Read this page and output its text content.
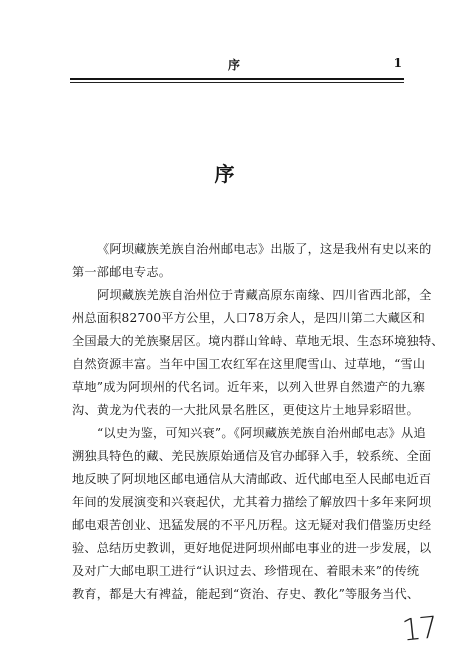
序	1
序
《阿坝藏族羌族自治州邮电志》出版了，这是我州有史以来的
第一部邮电专志。
阿坝藏族羌族自治州位于青藏高原东南缘、四川省西北部，全
州总面积82700平方公里，人口78万余人，是四川第二大藏区和
全国最大的羌族聚居区。境内群山耸峙、草地无垠、生态环境独特、
自然资源丰富。当年中国工农红军在这里爬雪山、过草地，“雪山
草地”成为阿坝州的代名词。近年来，以列入世界自然遗产的九寨
沟、黄龙为代表的一大批风景名胜区，更使这片土地异彩昭世。
“以史为鉴，可知兴衰”。《阿坝藏族羌族自治州邮电志》从追
溯独具特色的藏、羌民族原始通信及官办邮驿入手，较系统、全面
地反映了阿坝地区邮电通信从大清邮政、近代邮电至人民邮电近百
年间的发展演变和兴衰起伏，尤其着力描绘了解放四十多年来阿坝
邮电艰苦创业、迅猛发展的不平凡历程。这无疑对我们借鉴历史经
验、总结历史教训，更好地促进阿坝州邮电事业的进一步发展，以
及对广大邮电职工进行“认识过去、珍惜现在、着眼未来”的传统
教育，都是大有裨益，能起到“资治、存史、教化”等服务当代、
17
